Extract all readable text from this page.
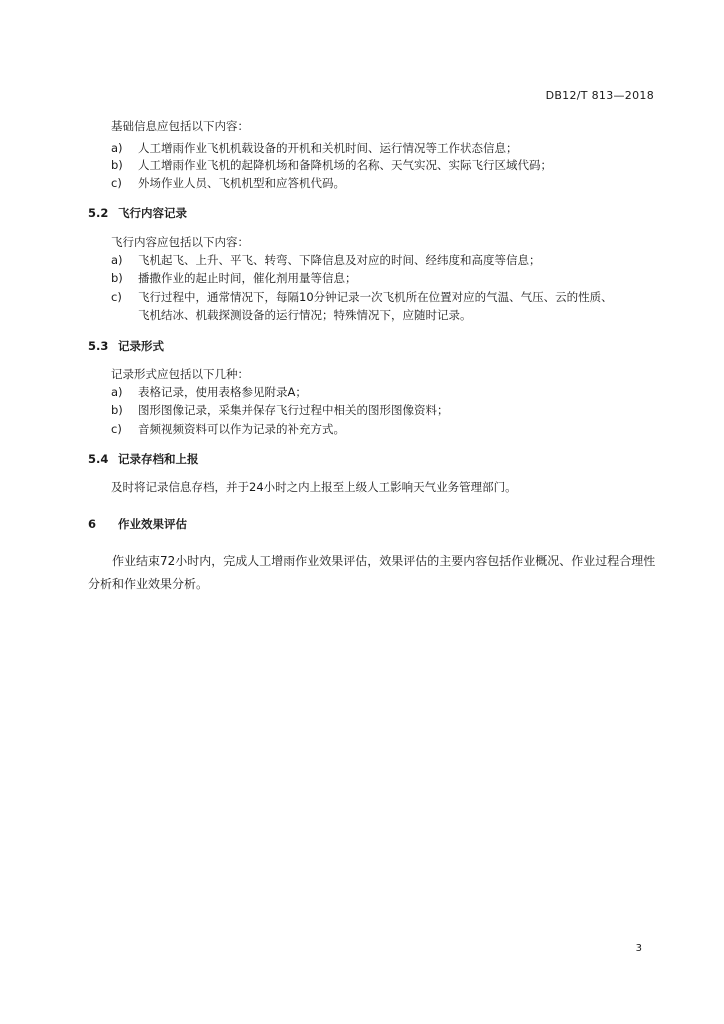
DB12/T 813—2018
基础信息应包括以下内容：
a) 人工增雨作业飞机机载设备的开机和关机时间、运行情况等工作状态信息；
b) 人工增雨作业飞机的起降机场和备降机场的名称、天气实况、实际飞行区域代码；
c) 外场作业人员、飞机机型和应答机代码。
5.2 飞行内容记录
飞行内容应包括以下内容：
a) 飞机起飞、上升、平飞、转弯、下降信息及对应的时间、经纬度和高度等信息；
b) 播撒作业的起止时间，催化剂用量等信息；
c) 飞行过程中，通常情况下，每隔10分钟记录一次飞机所在位置对应的气温、气压、云的性质、
飞机结冰、机载探测设备的运行情况；特殊情况下，应随时记录。
5.3 记录形式
记录形式应包括以下几种：
a) 表格记录，使用表格参见附录A；
b) 图形图像记录，采集并保存飞行过程中相关的图形图像资料；
c) 音频视频资料可以作为记录的补充方式。
5.4 记录存档和上报
及时将记录信息存档，并于24小时之内上报至上级人工影响天气业务管理部门。
6 作业效果评估
作业结束72小时内，完成人工增雨作业效果评估，效果评估的主要内容包括作业概况、作业过程合理性分析和作业效果分析。
3
